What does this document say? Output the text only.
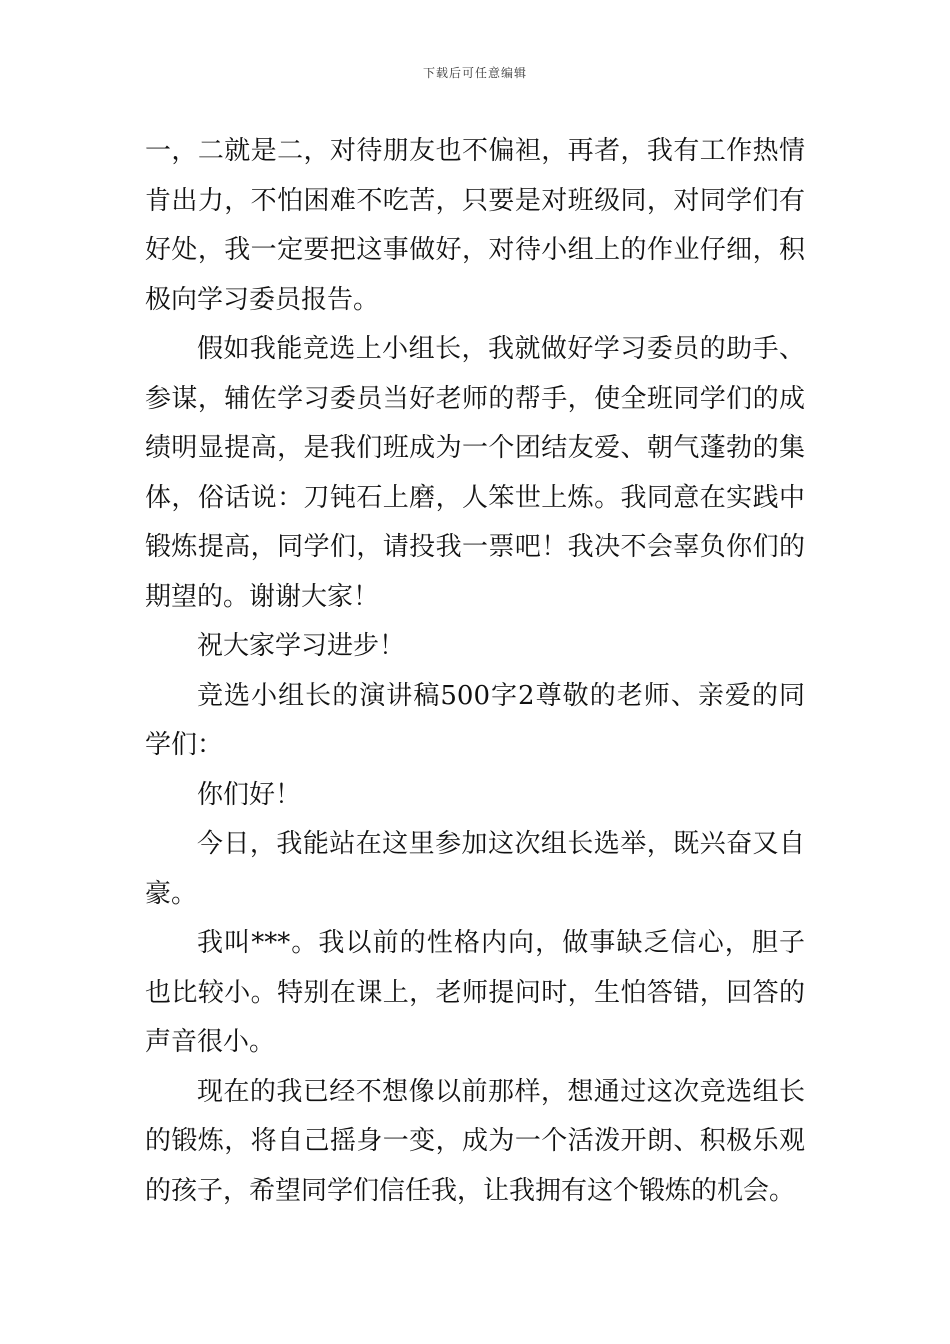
下载后可任意编辑

一，二就是二，对待朋友也不偏袒，再者，我有工作热情肯出力，不怕困难不吃苦，只要是对班级同，对同学们有好处，我一定要把这事做好，对待小组上的作业仔细，积极向学习委员报告。

假如我能竞选上小组长，我就做好学习委员的助手、参谋，辅佐学习委员当好老师的帮手，使全班同学们的成绩明显提高，是我们班成为一个团结友爱、朝气蓬勃的集体，俗话说：刀钝石上磨，人笨世上炼。我同意在实践中锻炼提高，同学们，请投我一票吧！我决不会辜负你们的期望的。谢谢大家！

祝大家学习进步！

竞选小组长的演讲稿500字2尊敬的老师、亲爱的同学们：

你们好！

今日，我能站在这里参加这次组长选举，既兴奋又自豪。

我叫***。我以前的性格内向，做事缺乏信心，胆子也比较小。特别在课上，老师提问时，生怕答错，回答的声音很小。

现在的我已经不想像以前那样，想通过这次竞选组长的锻炼，将自己摇身一变，成为一个活泼开朗、积极乐观的孩子，希望同学们信任我，让我拥有这个锻炼的机会。
